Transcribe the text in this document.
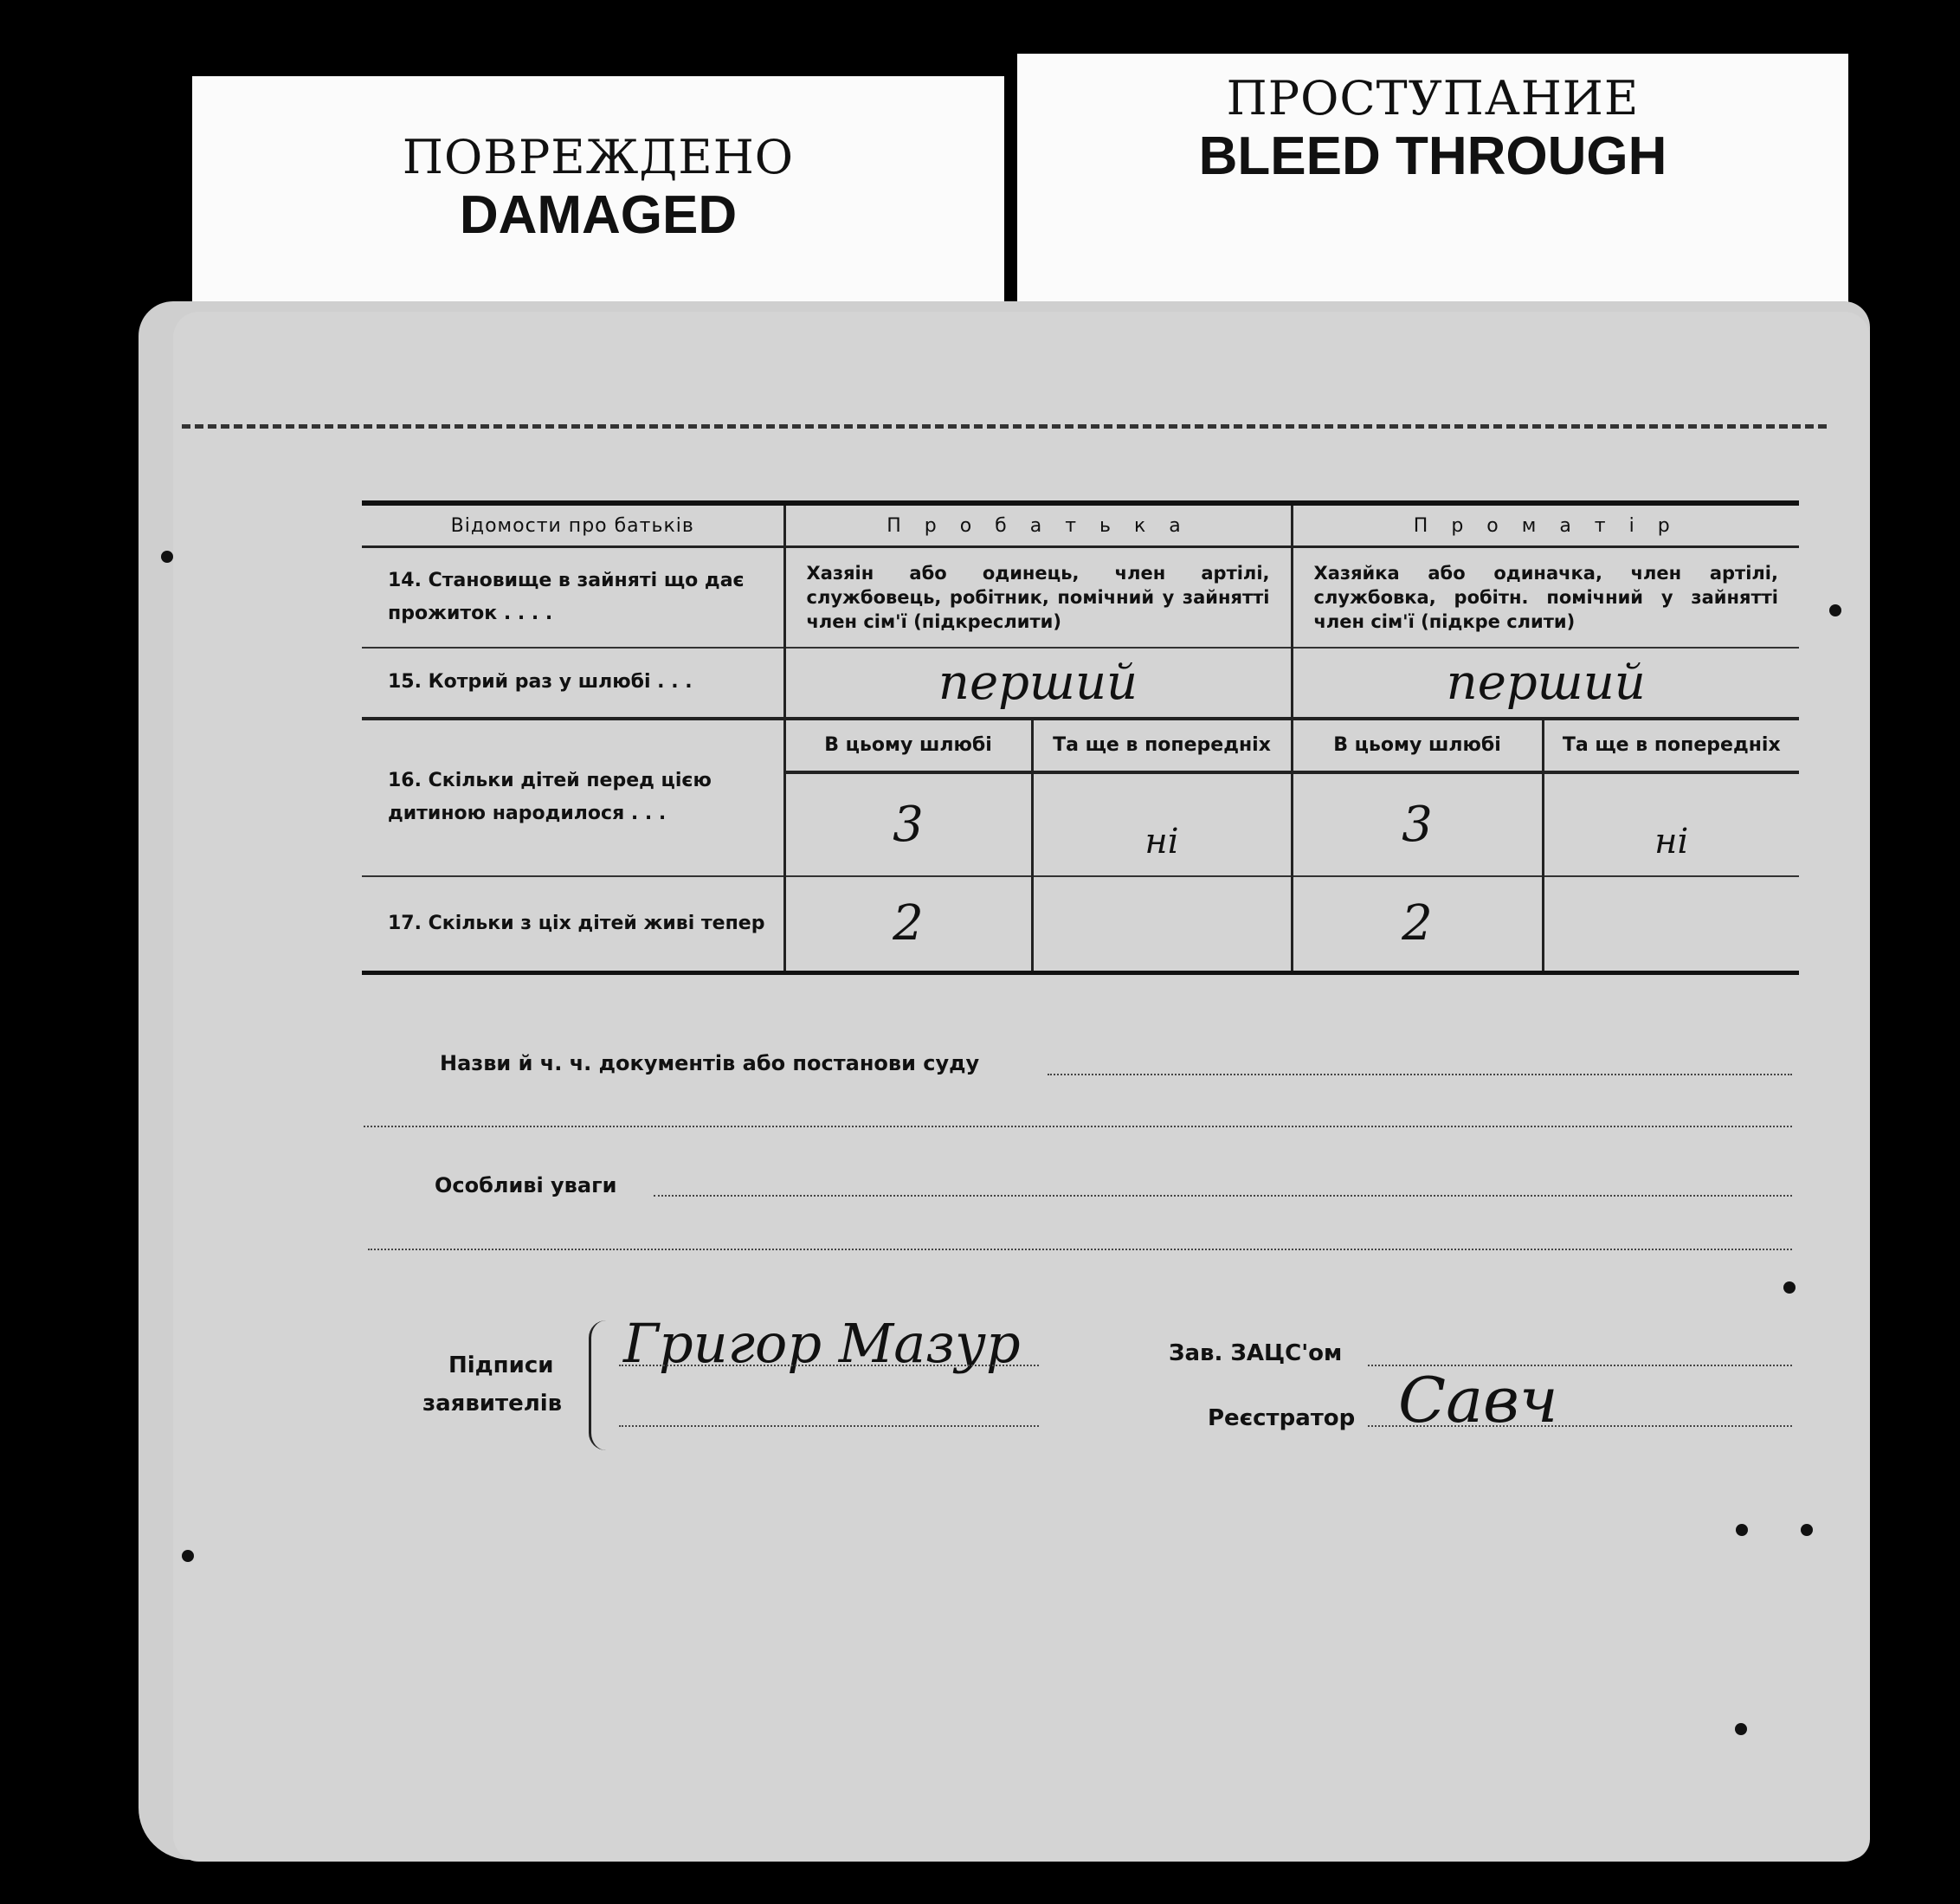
ПОВРЕЖДЕНО
DAMAGED
ПРОСТУПАНИЕ
BLEED THROUGH
Відомости про батьків	П р о б а т ь к а		П р о м а т і р	
14. Становище в зайняті що дає прожиток . . . .	Хазяін або одинець, член артілі, службовець, робітник, помічний у зайнятті член сім'ї (підкреслити)		Хазяйка або одиначка, член артілі, службовка, робітн. помічний у зайнятті член сім'ї (підкре слити)	
15. Котрий раз у шлюбі . . .	перший		перший	
16. Скільки дітей перед цією дитиною народилося . . .	В цьому шлюбі	Та ще в попередніх	В цьому шлюбі	Та ще в попередніх
	3	ні	3	ні
17. Скільки з ціх дітей живі тепер	2		2	
Назви й ч. ч. документів або постанови суду
Особливі уваги
Підписи
заявителів
Григор Мазур	Зав. ЗАЦС'ом
Реєстратор Савч
